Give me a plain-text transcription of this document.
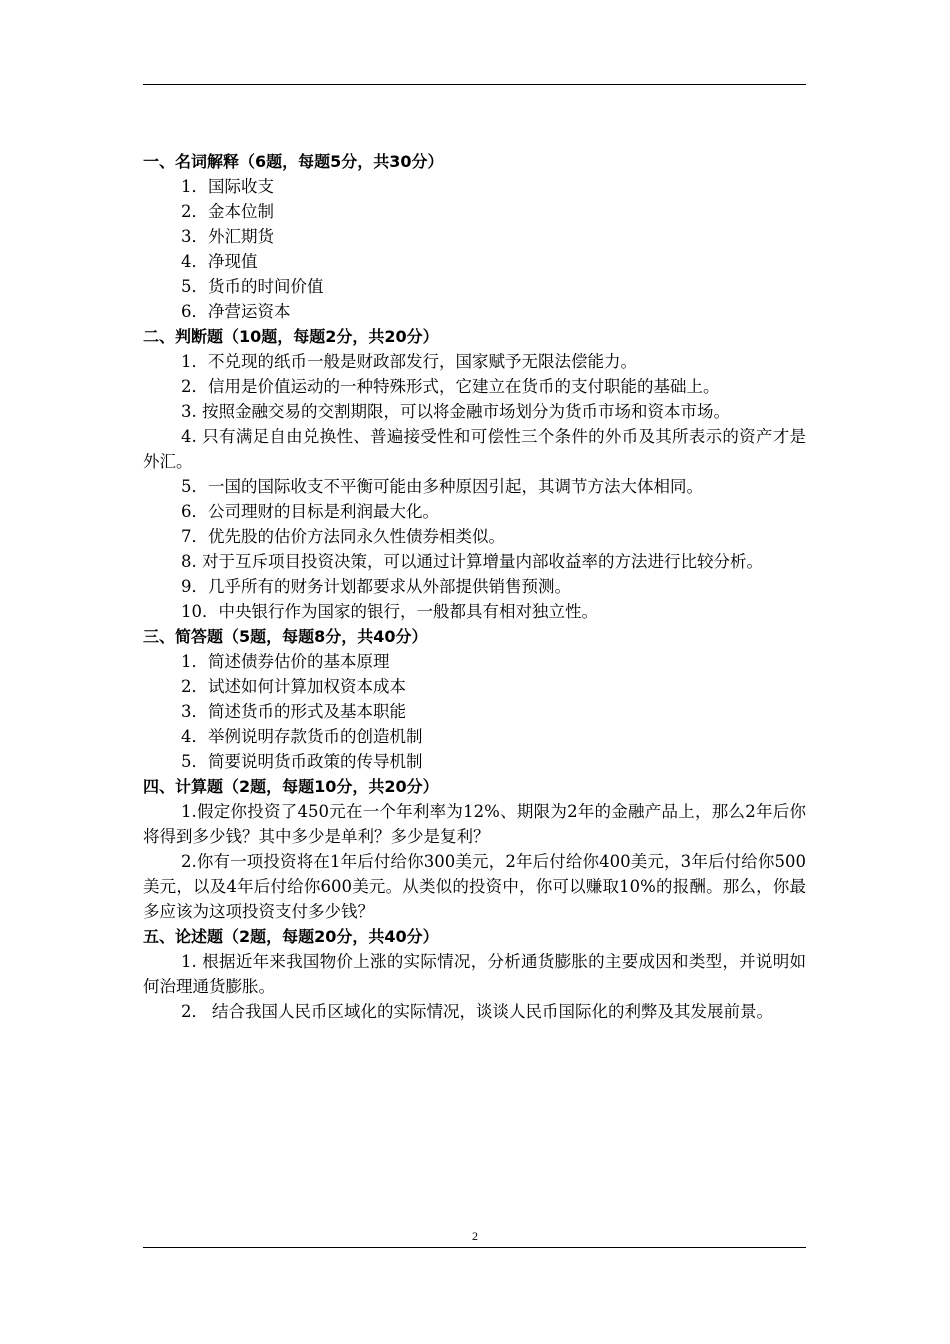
一、名词解释（6题，每题5分，共30分）
1．国际收支
2．金本位制
3．外汇期货
4．净现值
5．货币的时间价值
6．净营运资本
二、判断题（10题，每题2分，共20分）
1．不兑现的纸币一般是财政部发行，国家赋予无限法偿能力。
2．信用是价值运动的一种特殊形式，它建立在货币的支付职能的基础上。
3. 按照金融交易的交割期限，可以将金融市场划分为货币市场和资本市场。
4. 只有满足自由兑换性、普遍接受性和可偿性三个条件的外币及其所表示的资产才是外汇。
5．一国的国际收支不平衡可能由多种原因引起，其调节方法大体相同。
6．公司理财的目标是利润最大化。
7．优先股的估价方法同永久性债券相类似。
8. 对于互斥项目投资决策，可以通过计算增量内部收益率的方法进行比较分析。
9．几乎所有的财务计划都要求从外部提供销售预测。
10．中央银行作为国家的银行，一般都具有相对独立性。
三、简答题（5题，每题8分，共40分）
1．简述债券估价的基本原理
2．试述如何计算加权资本成本
3．简述货币的形式及基本职能
4．举例说明存款货币的创造机制
5．简要说明货币政策的传导机制
四、计算题（2题，每题10分，共20分）
1.假定你投资了450元在一个年利率为12%、期限为2年的金融产品上，那么2年后你将得到多少钱？其中多少是单利？多少是复利？
2.你有一项投资将在1年后付给你300美元，2年后付给你400美元，3年后付给你500美元，以及4年后付给你600美元。从类似的投资中，你可以赚取10%的报酬。那么，你最多应该为这项投资支付多少钱？
五、论述题（2题，每题20分，共40分）
1. 根据近年来我国物价上涨的实际情况，分析通货膨胀的主要成因和类型，并说明如何治理通货膨胀。
2． 结合我国人民币区域化的实际情况，谈谈人民币国际化的利弊及其发展前景。
2
